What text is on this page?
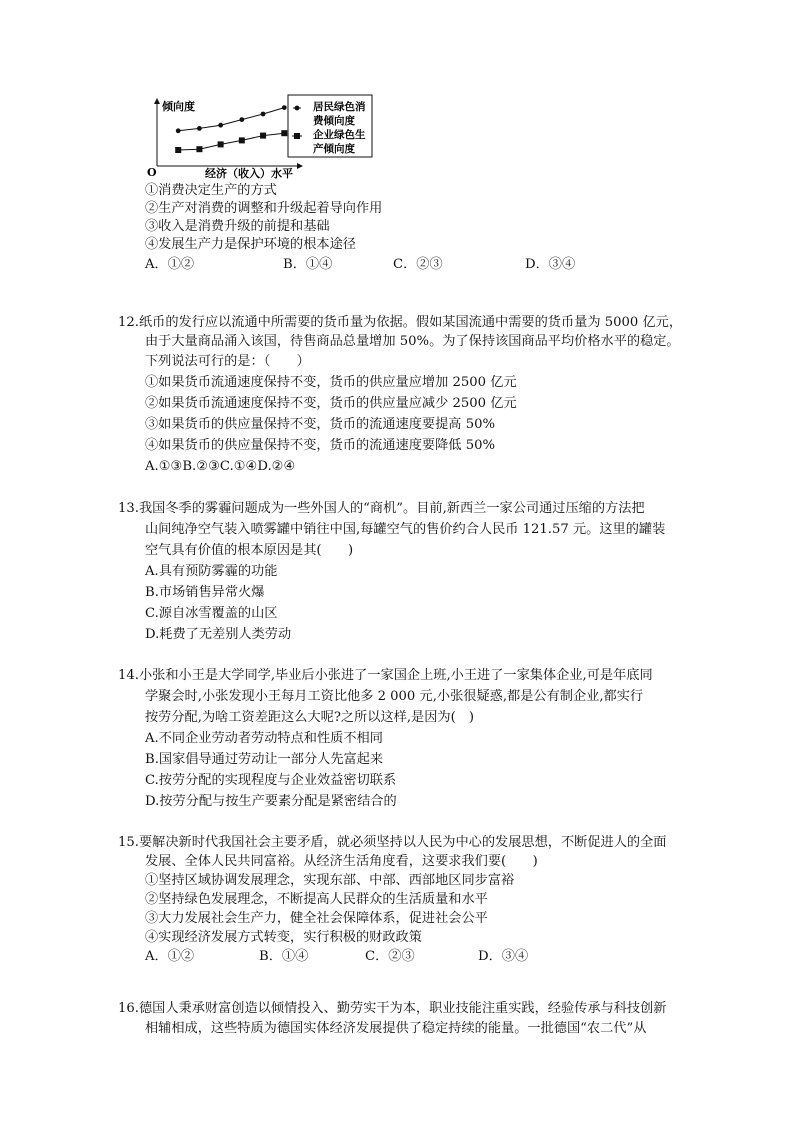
倾向度
O	经济（收入）水平
居民绿色消
费倾向度
企业绿色生
产倾向度
①消费决定生产的方式
②生产对消费的调整和升级起着导向作用
③收入是消费升级的前提和基础
④发展生产力是保护环境的根本途径
A．①②	B．①④	C．②③	D．③④
12.纸币的发行应以流通中所需要的货币量为依据。假如某国流通中需要的货币量为 5000 亿元，
由于大量商品涌入该国，待售商品总量增加 50%。为了保持该国商品平均价格水平的稳定。
下列说法可行的是：（　　）
①如果货币流通速度保持不变，货币的供应量应增加 2500 亿元
②如果货币流通速度保持不变，货币的供应量应减少 2500 亿元
③如果货币的供应量保持不变，货币的流通速度要提高 50%
④如果货币的供应量保持不变，货币的流通速度要降低 50%
A.①③B.②③C.①④D.②④
13.我国冬季的雾霾问题成为一些外国人的“商机”。目前,新西兰一家公司通过压缩的方法把
山间纯净空气装入喷雾罐中销往中国,每罐空气的售价约合人民币 121.57 元。这里的罐装
空气具有价值的根本原因是其(　　)
A.具有预防雾霾的功能
B.市场销售异常火爆
C.源自冰雪覆盖的山区
D.耗费了无差别人类劳动
14.小张和小王是大学同学,毕业后小张进了一家国企上班,小王进了一家集体企业,可是年底同
学聚会时,小张发现小王每月工资比他多 2 000 元,小张很疑惑,都是公有制企业,都实行
按劳分配,为啥工资差距这么大呢?之所以这样,是因为(　)
A.不同企业劳动者劳动特点和性质不相同
B.国家倡导通过劳动让一部分人先富起来
C.按劳分配的实现程度与企业效益密切联系
D.按劳分配与按生产要素分配是紧密结合的
15.要解决新时代我国社会主要矛盾，就必须坚持以人民为中心的发展思想，不断促进人的全面
发展、全体人民共同富裕。从经济生活角度看，这要求我们要(　　)
①坚持区域协调发展理念，实现东部、中部、西部地区同步富裕
②坚持绿色发展理念，不断提高人民群众的生活质量和水平
③大力发展社会生产力，健全社会保障体系，促进社会公平
④实现经济发展方式转变，实行积极的财政政策
A．①②	B．①④	C．②③	D．③④
16.德国人秉承财富创造以倾情投入、勤劳实干为本，职业技能注重实践，经验传承与科技创新
相辅相成，这些特质为德国实体经济发展提供了稳定持续的能量。一批德国“农二代”从
